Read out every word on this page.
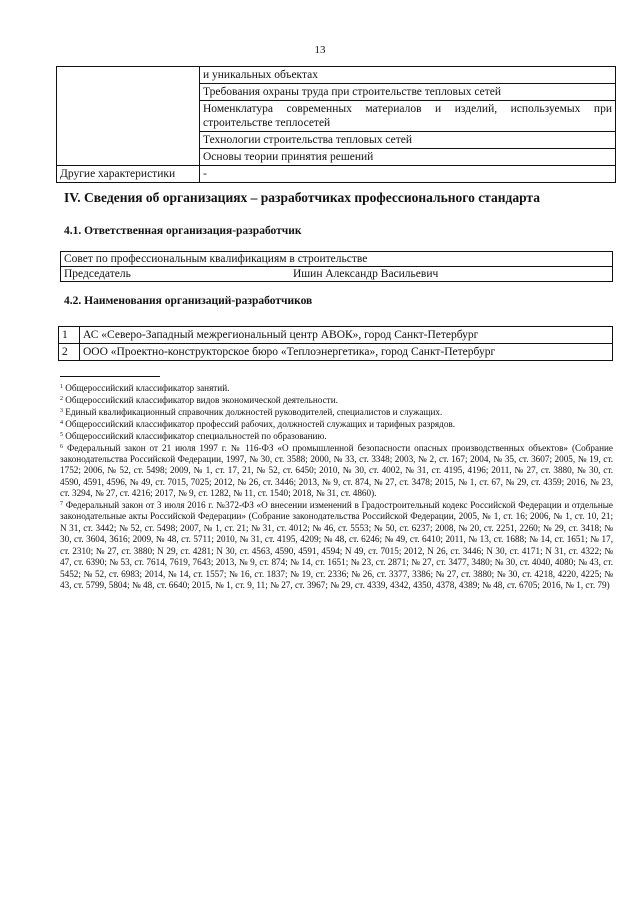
13
	и уникальных объектах
	Требования охраны труда при строительстве тепловых сетей
	Номенклатура современных материалов и изделий, используемых при строительстве теплосетей
	Технологии строительства тепловых сетей
	Основы теории принятия решений
Другие характеристики	-
IV. Сведения об организациях – разработчиках профессионального стандарта
4.1. Ответственная организация-разработчик
Совет по профессиональным квалификациям в строительстве
Председатель	Ишин Александр Васильевич
4.2. Наименования организаций-разработчиков
1	АС «Северо-Западный межрегиональный центр АВОК», город Санкт-Петербург
2	ООО «Проектно-конструкторское бюро «Теплоэнергетика», город Санкт-Петербург

$^1$ Общероссийский классификатор занятий.

$^2$ Общероссийский классификатор видов экономической деятельности.

$^3$ Единый квалификационный справочник должностей руководителей, специалистов и служащих.

$^4$ Общероссийский классификатор профессий рабочих, должностей служащих и тарифных разрядов.

$^5$ Общероссийский классификатор специальностей по образованию.

$^6$ Федеральный закон от 21 июля 1997 г. № 116-ФЗ «О промышленной безопасности опасных производственных объектов» (Собрание законодательства Российской Федерации, 1997, № 30, ст. 3588; 2000, № 33, ст. 3348; 2003, № 2, ст. 167; 2004, № 35, ст. 3607; 2005, № 19, ст. 1752; 2006, № 52, ст. 5498; 2009, № 1, ст. 17, 21, № 52, ст. 6450; 2010, № 30, ст. 4002, № 31, ст. 4195, 4196; 2011, № 27, ст. 3880, № 30, ст. 4590, 4591, 4596, № 49, ст. 7015, 7025; 2012, № 26, ст. 3446; 2013, № 9, ст. 874, № 27, ст. 3478; 2015, № 1, ст. 67, № 29, ст. 4359; 2016, № 23, ст. 3294, № 27, ст. 4216; 2017, № 9, ст. 1282, № 11, ст. 1540; 2018, № 31, ст. 4860).

$^7$ Федеральный закон от 3 июля 2016 г. №372-ФЗ «О внесении изменений в Градостроительный кодекс Российской Федерации и отдельные законодательные акты Российской Федерации» (Собрание законодательства Российской Федерации, 2005, № 1, ст. 16; 2006, № 1, ст. 10, 21; N 31, ст. 3442; № 52, ст. 5498; 2007, № 1, ст. 21; № 31, ст. 4012; № 46, ст. 5553; № 50, ст. 6237; 2008, № 20, ст. 2251, 2260; № 29, ст. 3418; № 30, ст. 3604, 3616; 2009, № 48, ст. 5711; 2010, № 31, ст. 4195, 4209; № 48, ст. 6246; № 49, ст. 6410; 2011, № 13, ст. 1688; № 14, ст. 1651; № 17, ст. 2310; № 27, ст. 3880; N 29, ст. 4281; N 30, ст. 4563, 4590, 4591, 4594; N 49, ст. 7015; 2012, N 26, ст. 3446; N 30, ст. 4171; N 31, ст. 4322; № 47, ст. 6390; № 53, ст. 7614, 7619, 7643; 2013, № 9, ст. 874; № 14, ст. 1651; № 23, ст. 2871; № 27, ст. 3477, 3480; № 30, ст. 4040, 4080; № 43, ст. 5452; № 52, ст. 6983; 2014, № 14, ст. 1557; № 16, ст. 1837; № 19, ст. 2336; № 26, ст. 3377, 3386; № 27, ст. 3880; № 30, ст. 4218, 4220, 4225; № 43, ст. 5799, 5804; № 48, ст. 6640; 2015, № 1, ст. 9, 11; № 27, ст. 3967; № 29, ст. 4339, 4342, 4350, 4378, 4389; № 48, ст. 6705; 2016, № 1, ст. 79)
